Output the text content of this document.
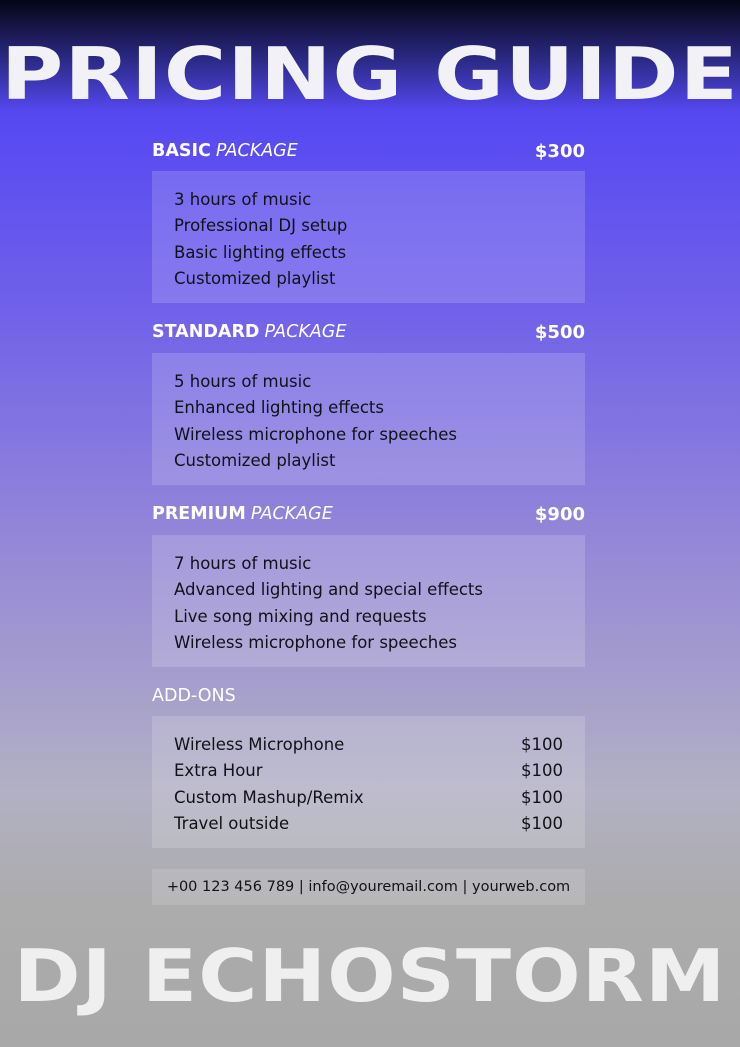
PRICING GUIDE
BASIC PACKAGE	$300
3 hours of music
Professional DJ setup
Basic lighting effects
Customized playlist
STANDARD PACKAGE	$500
5 hours of music
Enhanced lighting effects
Wireless microphone for speeches
Customized playlist
PREMIUM PACKAGE	$900
7 hours of music
Advanced lighting and special effects
Live song mixing and requests
Wireless microphone for speeches
ADD-ONS
Wireless Microphone	$100
Extra Hour	$100
Custom Mashup/Remix	$100
Travel outside	$100
+00 123 456 789 | info@youremail.com | yourweb.com
DJ ECHOSTORM
